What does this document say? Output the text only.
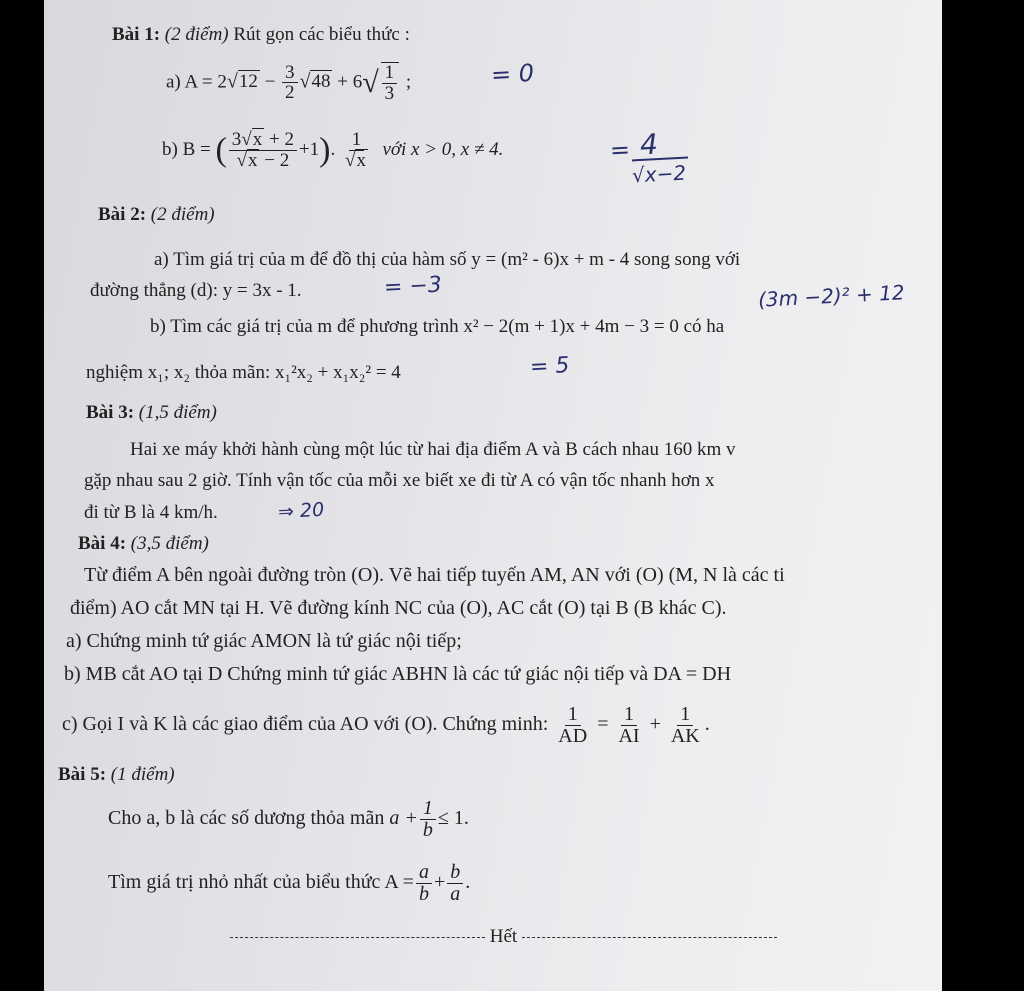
Bài 1: (2 điểm) Rút gọn các biểu thức :
a) $A = 2√12 - \frac{3}{2} √48 + 6√ \frac{1}{3}$ ;	= 0
b) B = ( $\frac{3√x + 2}{√x - 2} +1$). $\frac{1}{√x}$ với x > 0, x ≠ 4.	= 4
√x−2
Bài 2: (2 điểm)
a) Tìm giá trị của m để đồ thị của hàm số y = (m² - 6)x + m - 4 song song với
đường thẳng (d): y = 3x - 1.	= −3	(3m −2)² + 12
b) Tìm các giá trị của m để phương trình x² − 2(m + 1)x + 4m − 3 = 0 có ha
nghiệm x₁; x₂ thỏa mãn: x₁²x₂ + x₁x₂² = 4	= 5
Bài 3: (1,5 điểm)
Hai xe máy khởi hành cùng một lúc từ hai địa điểm A và B cách nhau 160 km v
gặp nhau sau 2 giờ. Tính vận tốc của mỗi xe biết xe đi từ A có vận tốc nhanh hơn x
đi từ B là 4 km/h.	⇒ 20
Bài 4: (3,5 điểm)
Từ điểm A bên ngoài đường tròn (O). Vẽ hai tiếp tuyến AM, AN với (O) (M, N là các ti
điểm) AO cắt MN tại H. Vẽ đường kính NC của (O), AC cắt (O) tại B (B khác C).
a) Chứng minh tứ giác AMON là tứ giác nội tiếp;
b) MB cắt AO tại D Chứng minh tứ giác ABHN là các tứ giác nội tiếp và DA = DH
c) Gọi I và K là các giao điểm của AO với (O). Chứng minh: $\frac{1}{AD} = \frac{1}{AI} + \frac{1}{AK}$ .
Bài 5: (1 điểm)
Cho a, b là các số dương thỏa mãn $a + \frac{1}{b} \le 1$.
Tìm giá trị nhỏ nhất của biểu thức $A = \frac{a}{b} + \frac{b}{a}$ .
Hết
